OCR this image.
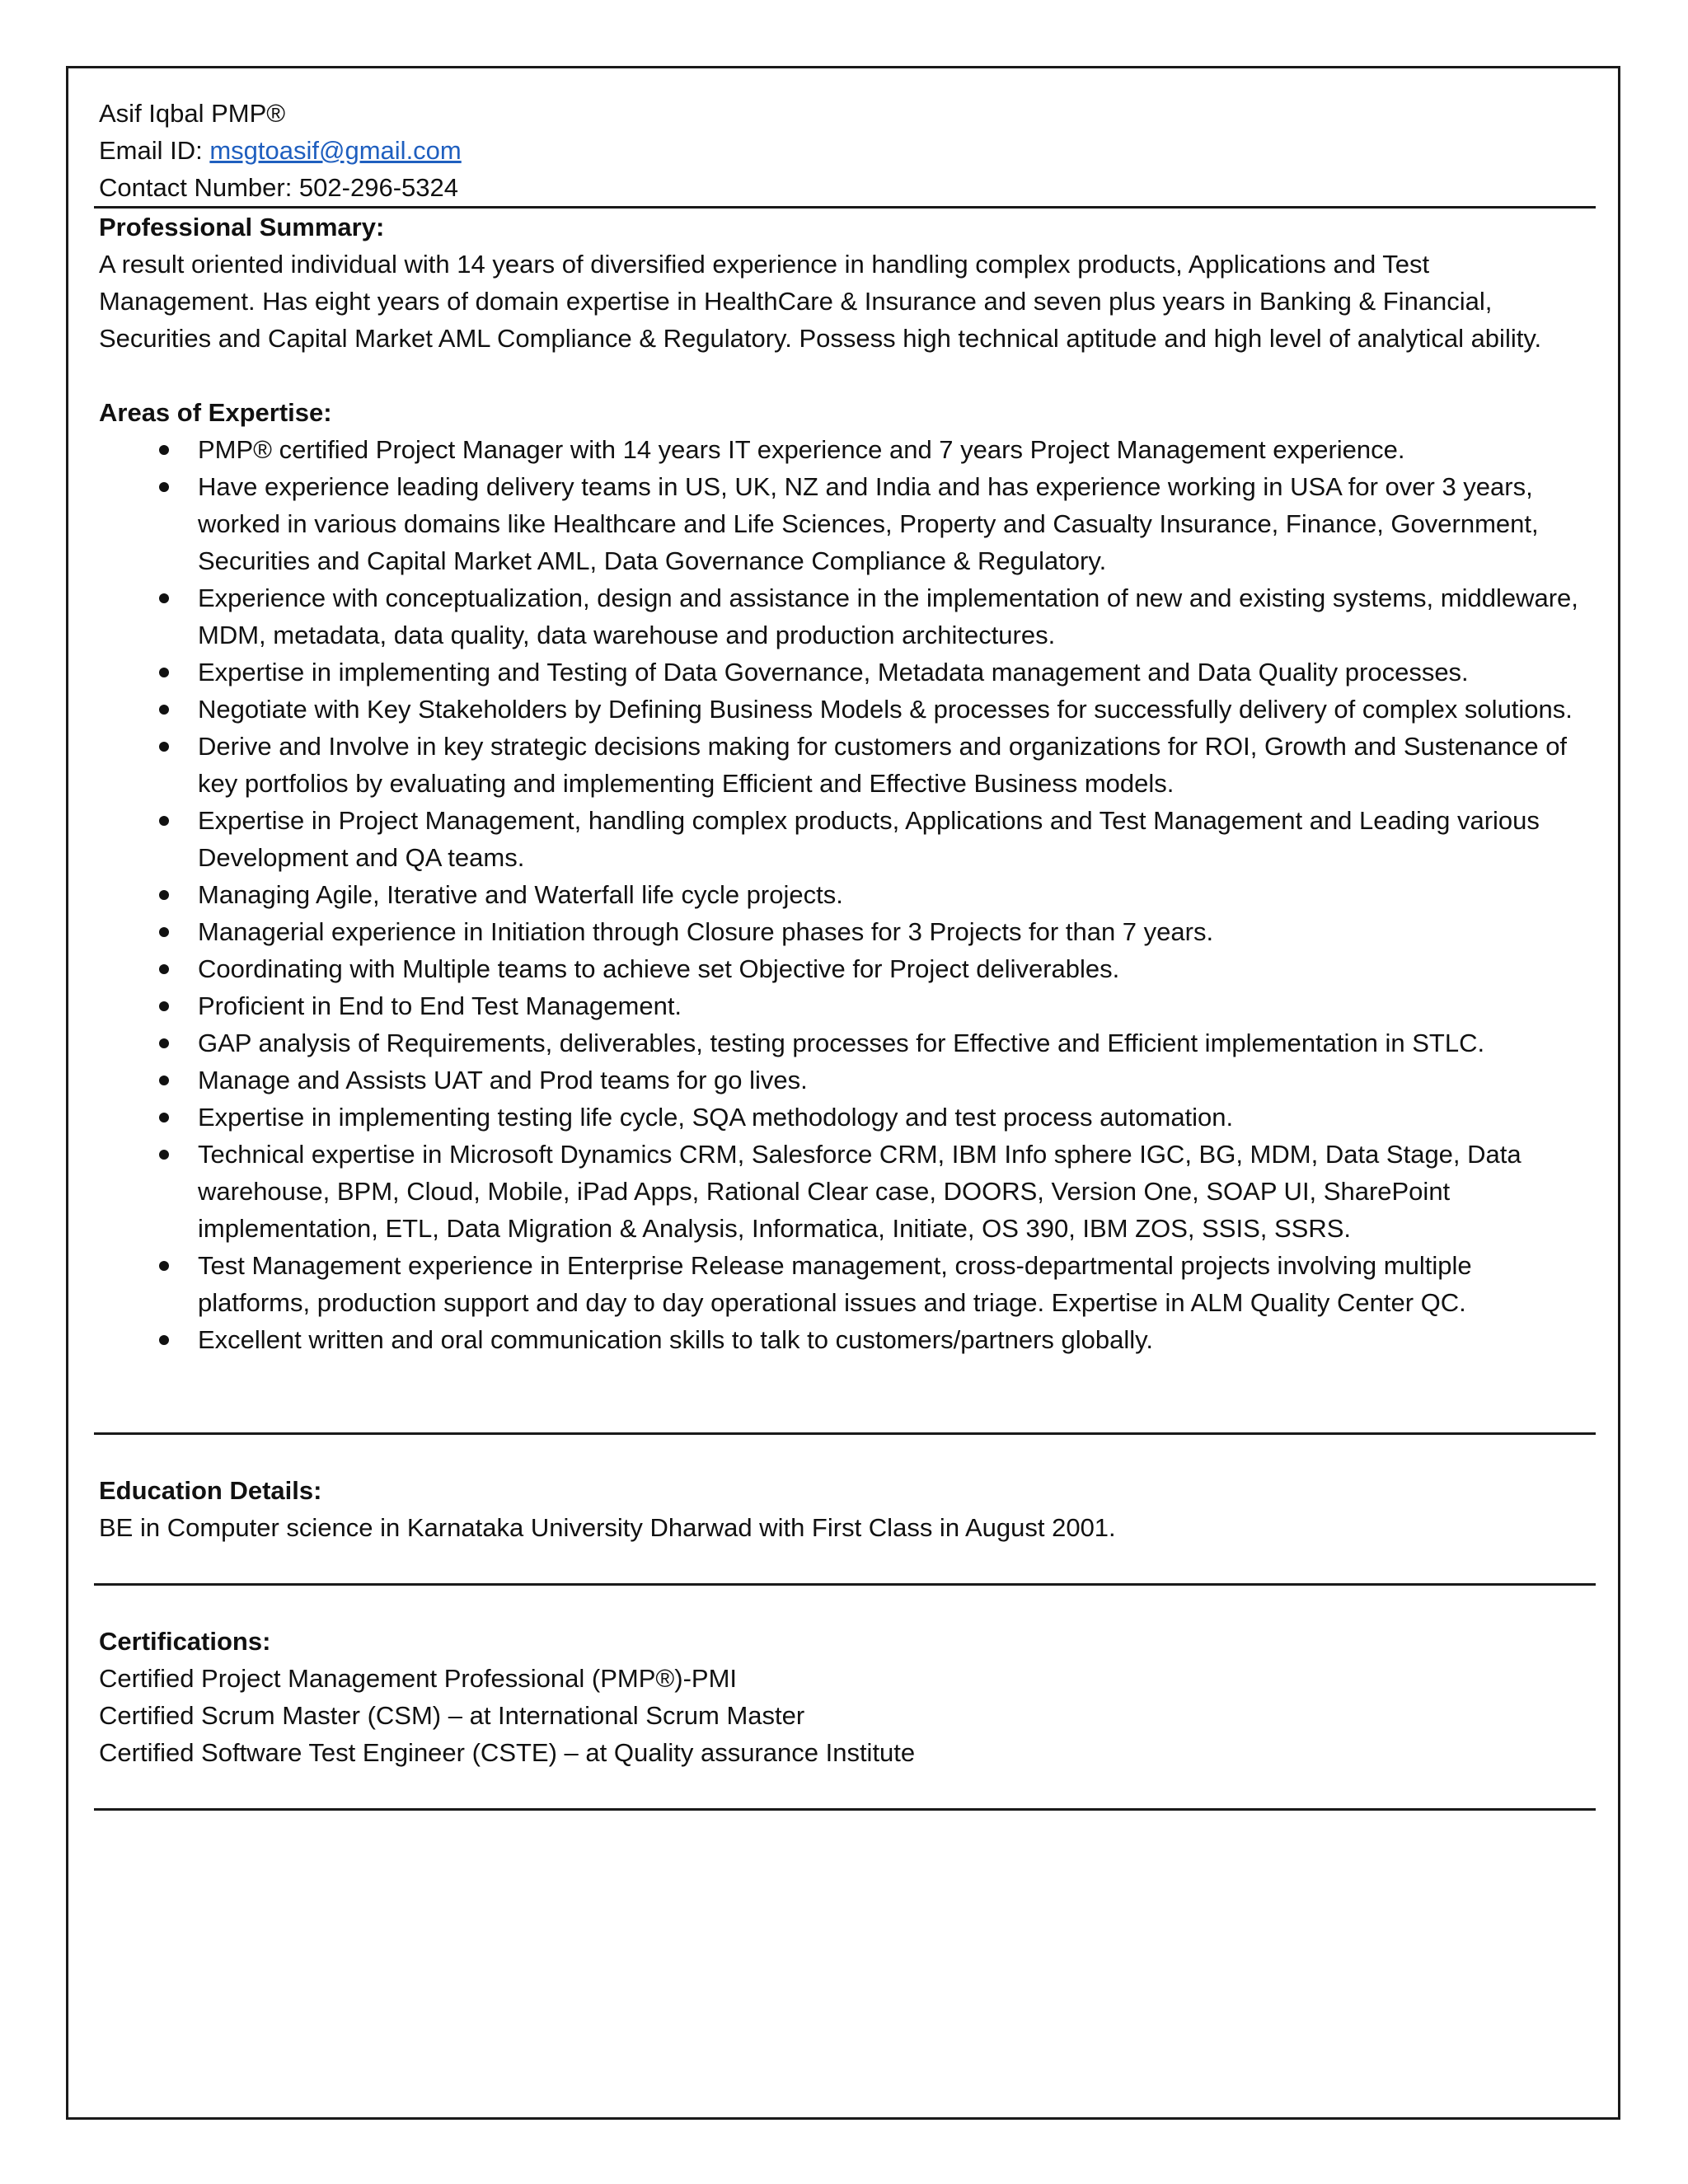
Asif Iqbal PMP®
Email ID: msgtoasif@gmail.com
Contact Number: 502-296-5324
Professional Summary:
A result oriented individual with 14 years of diversified experience in handling complex products, Applications and Test Management. Has eight years of domain expertise in HealthCare & Insurance and seven plus years in Banking & Financial, Securities and Capital Market AML Compliance & Regulatory. Possess high technical aptitude and high level of analytical ability.
Areas of Expertise:
PMP® certified Project Manager with 14 years IT experience and 7 years Project Management experience.
Have experience leading delivery teams in US, UK, NZ and India and has experience working in USA for over 3 years, worked in various domains like Healthcare and Life Sciences, Property and Casualty Insurance, Finance, Government, Securities and Capital Market AML, Data Governance Compliance & Regulatory.
Experience with conceptualization, design and assistance in the implementation of new and existing systems, middleware, MDM, metadata, data quality, data warehouse and production architectures.
Expertise in implementing and Testing of Data Governance, Metadata management and Data Quality processes.
Negotiate with Key Stakeholders by Defining Business Models & processes for successfully delivery of complex solutions.
Derive and Involve in key strategic decisions making for customers and organizations for ROI, Growth and Sustenance of key portfolios by evaluating and implementing Efficient and Effective Business models.
Expertise in Project Management, handling complex products, Applications and Test Management and Leading various Development and QA teams.
Managing Agile, Iterative and Waterfall life cycle projects.
Managerial experience in Initiation through Closure phases for 3 Projects for than 7 years.
Coordinating with Multiple teams to achieve set Objective for Project deliverables.
Proficient in End to End Test Management.
GAP analysis of Requirements, deliverables, testing processes for Effective and Efficient implementation in STLC.
Manage and Assists UAT and Prod teams for go lives.
Expertise in implementing testing life cycle, SQA methodology and test process automation.
Technical expertise in Microsoft Dynamics CRM, Salesforce CRM, IBM Info sphere IGC, BG, MDM, Data Stage, Data warehouse, BPM, Cloud, Mobile, iPad Apps, Rational Clear case, DOORS, Version One, SOAP UI, SharePoint implementation, ETL, Data Migration & Analysis, Informatica, Initiate, OS 390, IBM ZOS, SSIS, SSRS.
Test Management experience in Enterprise Release management, cross-departmental projects involving multiple platforms, production support and day to day operational issues and triage. Expertise in ALM Quality Center QC.
Excellent written and oral communication skills to talk to customers/partners globally.
Education Details:
BE in Computer science in Karnataka University Dharwad with First Class in August 2001.
Certifications:
Certified Project Management Professional (PMP®)-PMI
Certified Scrum Master (CSM) – at International Scrum Master
Certified Software Test Engineer (CSTE) – at Quality assurance Institute
